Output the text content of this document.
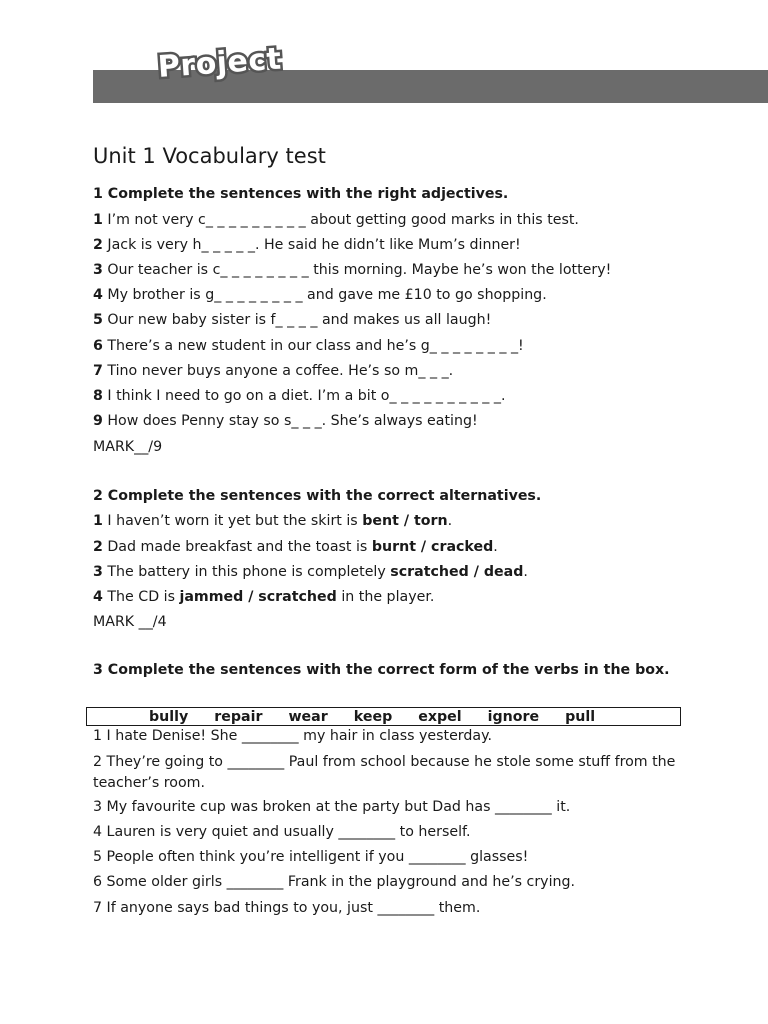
Project
Unit 1 Vocabulary test
1 Complete the sentences with the right adjectives.
1 I’m not very c_ _ _ _ _ _ _ _ _ about getting good marks in this test.
2 Jack is very h_ _ _ _ _. He said he didn’t like Mum’s dinner!
3 Our teacher is c_ _ _ _ _ _ _ _ this morning. Maybe he’s won the lottery!
4 My brother is g_ _ _ _ _ _ _ _ and gave me £10 to go shopping.
5 Our new baby sister is f_ _ _ _ and makes us all laugh!
6 There’s a new student in our class and he’s g_ _ _ _ _ _ _ _!
7 Tino never buys anyone a coffee. He’s so m_ _ _.
8 I think I need to go on a diet. I’m a bit o_ _ _ _ _ _ _ _ _ _.
9 How does Penny stay so s_ _ _. She’s always eating!
MARK__/9
2 Complete the sentences with the correct alternatives.
1 I haven’t worn it yet but the skirt is bent / torn.
2 Dad made breakfast and the toast is burnt / cracked.
3 The battery in this phone is completely scratched / dead.
4 The CD is jammed / scratched in the player.
MARK __/4
3 Complete the sentences with the correct form of the verbs in the box.
bully repair wear keep expel ignore pull
1 I hate Denise! She ________ my hair in class yesterday.
2 They’re going to ________ Paul from school because he stole some stuff from the teacher’s room.
3 My favourite cup was broken at the party but Dad has ________ it.
4 Lauren is very quiet and usually ________ to herself.
5 People often think you’re intelligent if you ________ glasses!
6 Some older girls ________ Frank in the playground and he’s crying.
7 If anyone says bad things to you, just ________ them.
